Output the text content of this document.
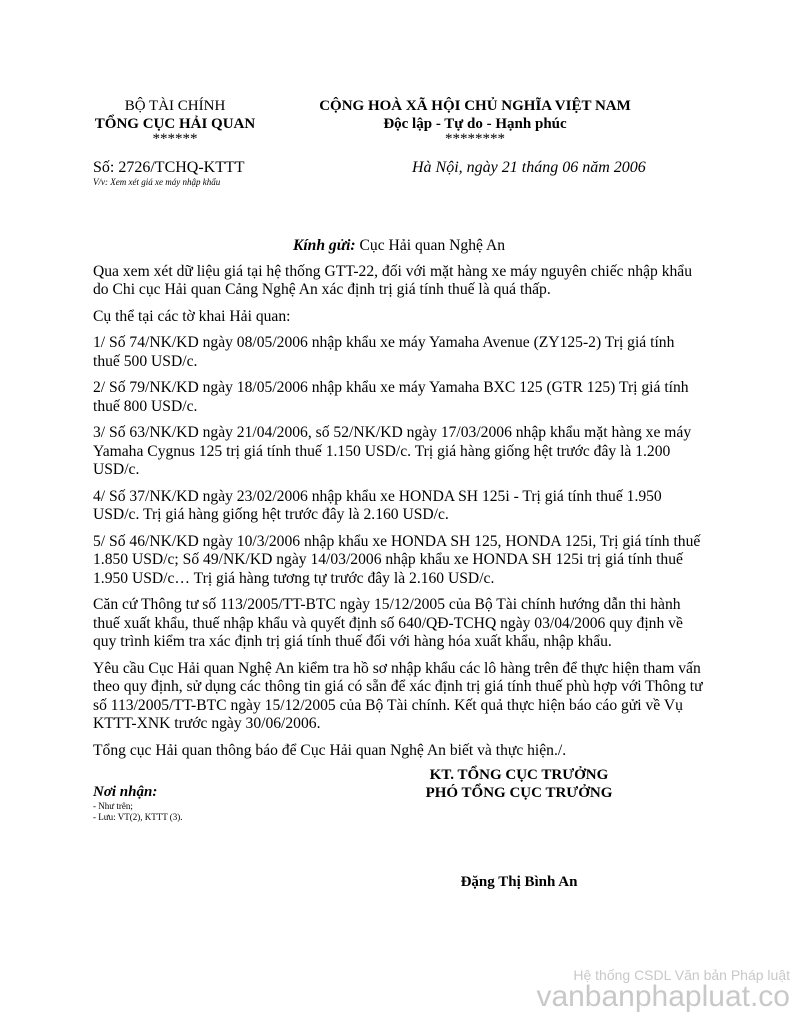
BỘ TÀI CHÍNH
TỔNG CỤC HẢI QUAN
******
CỘNG HOÀ XÃ HỘI CHỦ NGHĨA VIỆT NAM
Độc lập - Tự do - Hạnh phúc
********
Số: 2726/TCHQ-KTTT
V/v: Xem xét giá xe máy nhập khẩu
Hà Nội, ngày 21 tháng 06 năm 2006

Kính gửi: Cục Hải quan Nghệ An

Qua xem xét dữ liệu giá tại hệ thống GTT-22, đối với mặt hàng xe máy nguyên chiếc nhập khẩu do Chi cục Hải quan Cảng Nghệ An xác định trị giá tính thuế là quá thấp.

Cụ thể tại các tờ khai Hải quan:

1/ Số 74/NK/KD ngày 08/05/2006 nhập khẩu xe máy Yamaha Avenue (ZY125-2) Trị giá tính thuế 500 USD/c.

2/ Số 79/NK/KD ngày 18/05/2006 nhập khẩu xe máy Yamaha BXC 125 (GTR 125) Trị giá tính thuế 800 USD/c.

3/ Số 63/NK/KD ngày 21/04/2006, số 52/NK/KD ngày 17/03/2006 nhập khẩu mặt hàng xe máy Yamaha Cygnus 125 trị giá tính thuế 1.150 USD/c. Trị giá hàng giống hệt trước đây là 1.200 USD/c.

4/ Số 37/NK/KD ngày 23/02/2006 nhập khẩu xe HONDA SH 125i - Trị giá tính thuế 1.950 USD/c. Trị giá hàng giống hệt trước đây là 2.160 USD/c.

5/ Số 46/NK/KD ngày 10/3/2006 nhập khẩu xe HONDA SH 125, HONDA 125i, Trị giá tính thuế 1.850 USD/c; Số 49/NK/KD ngày 14/03/2006 nhập khẩu xe HONDA SH 125i trị giá tính thuế 1.950 USD/c… Trị giá hàng tương tự trước đây là 2.160 USD/c.

Căn cứ Thông tư số 113/2005/TT-BTC ngày 15/12/2005 của Bộ Tài chính hướng dẫn thi hành thuế xuất khẩu, thuế nhập khẩu và quyết định số 640/QĐ-TCHQ ngày 03/04/2006 quy định về quy trình kiểm tra xác định trị giá tính thuế đối với hàng hóa xuất khẩu, nhập khẩu.

Yêu cầu Cục Hải quan Nghệ An kiểm tra hồ sơ nhập khẩu các lô hàng trên để thực hiện tham vấn theo quy định, sử dụng các thông tin giá có sẵn để xác định trị giá tính thuế phù hợp với Thông tư số 113/2005/TT-BTC ngày 15/12/2005 của Bộ Tài chính. Kết quả thực hiện báo cáo gửi về Vụ KTTT-XNK trước ngày 30/06/2006.

Tổng cục Hải quan thông báo để Cục Hải quan Nghệ An biết và thực hiện./.

Nơi nhận:
- Như trên;
- Lưu: VT(2), KTTT (3).
KT. TỔNG CỤC TRƯỞNG
PHÓ TỔNG CỤC TRƯỞNG
Đặng Thị Bình An
Hệ thống CSDL Văn bản Pháp luật
vanbanphapluat.co
